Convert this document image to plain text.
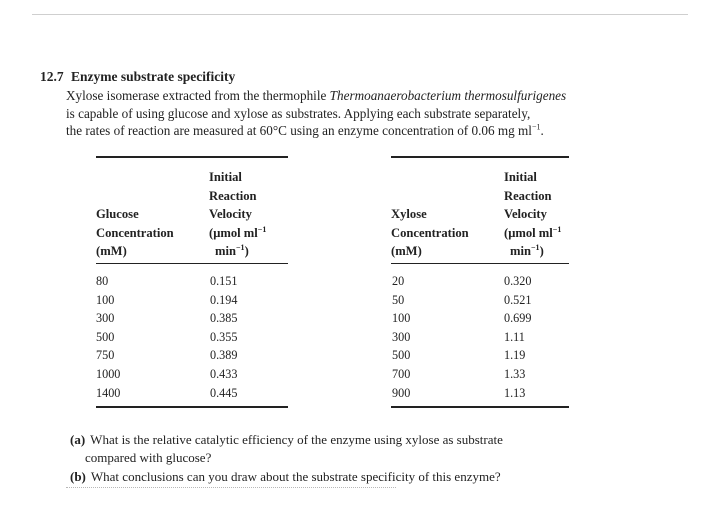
12.7 Enzyme substrate specificity
Xylose isomerase extracted from the thermophile Thermoanaerobacterium thermosulfurigenes
is capable of using glucose and xylose as substrates. Applying each substrate separately,
the rates of reaction are measured at 60°C using an enzyme concentration of 0.06 mg $ml^{-1}$.
Glucose
Concentration
(mM)
Initial
Reaction
Velocity
(μmol $ml^{-1}$
$\min^{-1}$)
80
100
300
500
750
1000
1400
0.151
0.194
0.385
0.355
0.389
0.433
0.445
Xylose
Concentration
(mM)
Initial
Reaction
Velocity
(μmol $ml^{-1}$
$\min^{-1}$)
20
50
100
300
500
700
900
0.320
0.521
0.699
1.11
1.19
1.33
1.13
(a) What is the relative catalytic efficiency of the enzyme using xylose as substrate
compared with glucose?
(b) What conclusions can you draw about the substrate specificity of this enzyme?
